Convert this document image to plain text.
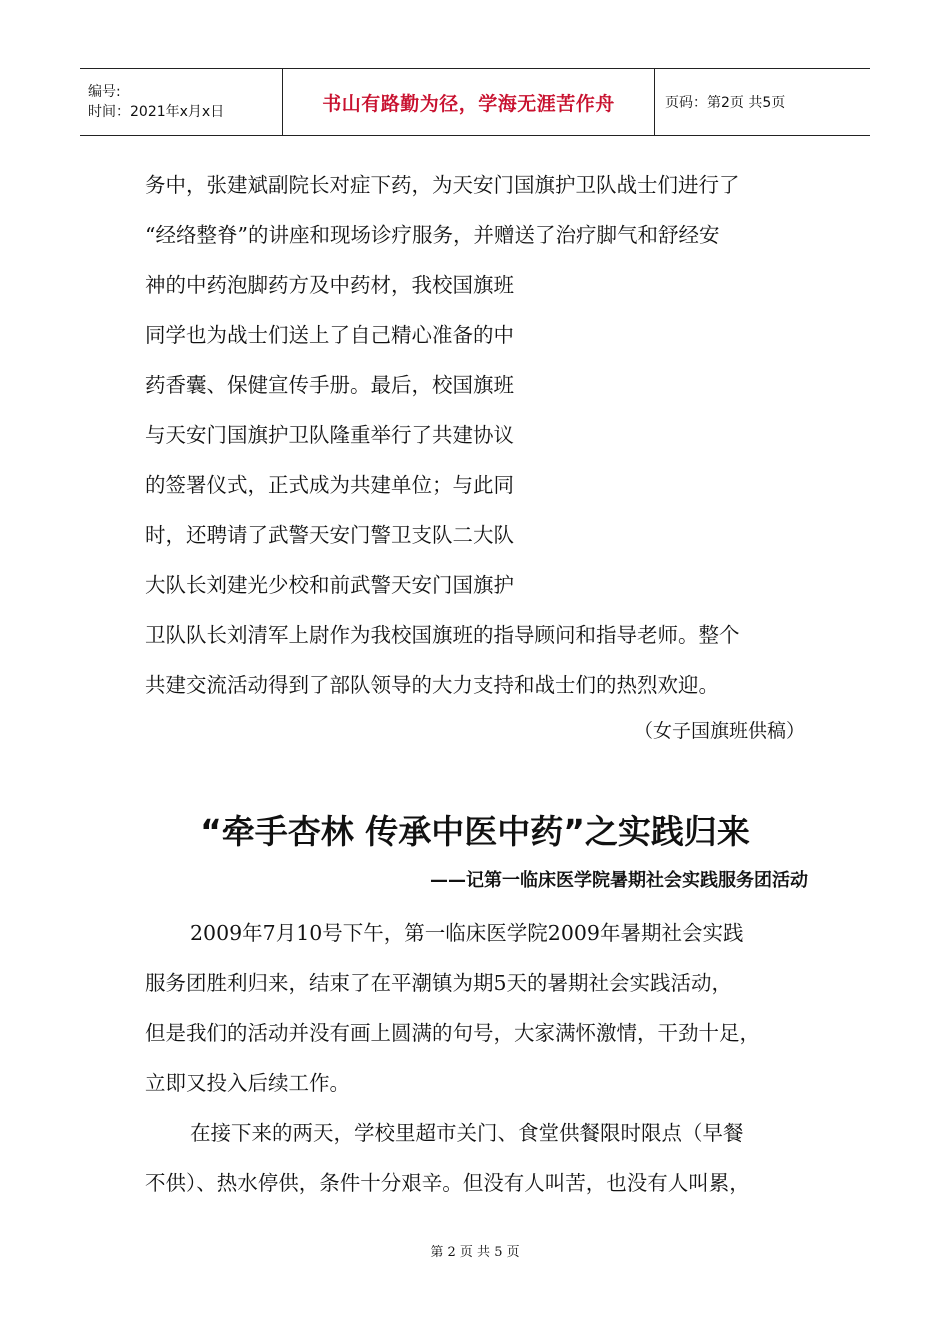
编号:
时间：2021年x月x日	书山有路勤为径，学海无涯苦作舟	页码：第2页 共5页
务中，张建斌副院长对症下药，为天安门国旗护卫队战士们进行了
“经络整脊”的讲座和现场诊疗服务，并赠送了治疗脚气和舒经安
神的中药泡脚药方及中药材，我校国旗班
同学也为战士们送上了自己精心准备的中
药香囊、保健宣传手册。最后，校国旗班
与天安门国旗护卫队隆重举行了共建协议
的签署仪式，正式成为共建单位；与此同
时，还聘请了武警天安门警卫支队二大队
大队长刘建光少校和前武警天安门国旗护
卫队队长刘清军上尉作为我校国旗班的指导顾问和指导老师。整个
共建交流活动得到了部队领导的大力支持和战士们的热烈欢迎。
（女子国旗班供稿）
“牵手杏林 传承中医中药”之实践归来
——记第一临床医学院暑期社会实践服务团活动
2009年7月10号下午，第一临床医学院2009年暑期社会实践
服务团胜利归来，结束了在平潮镇为期5天的暑期社会实践活动，
但是我们的活动并没有画上圆满的句号，大家满怀激情，干劲十足，
立即又投入后续工作。
在接下来的两天，学校里超市关门、食堂供餐限时限点（早餐
不供）、热水停供，条件十分艰辛。但没有人叫苦，也没有人叫累，
第 2 页 共 5 页
